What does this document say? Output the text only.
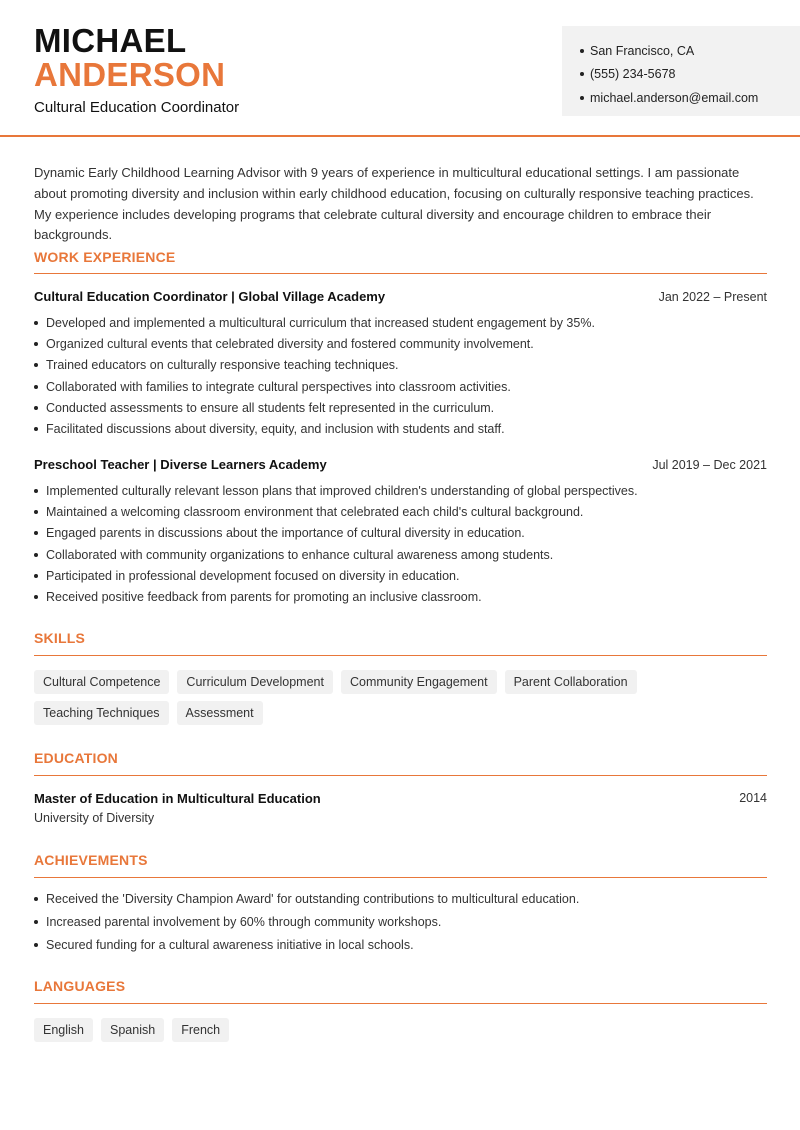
MICHAEL
ANDERSON
Cultural Education Coordinator
San Francisco, CA
(555) 234-5678
michael.anderson@email.com

Dynamic Early Childhood Learning Advisor with 9 years of experience in multicultural educational settings. I am passionate about promoting diversity and inclusion within early childhood education, focusing on culturally responsive teaching practices. My experience includes developing programs that celebrate cultural diversity and encourage children to embrace their backgrounds.

WORK EXPERIENCE
Cultural Education Coordinator | Global Village Academy	Jan 2022 – Present
Developed and implemented a multicultural curriculum that increased student engagement by 35%.
Organized cultural events that celebrated diversity and fostered community involvement.
Trained educators on culturally responsive teaching techniques.
Collaborated with families to integrate cultural perspectives into classroom activities.
Conducted assessments to ensure all students felt represented in the curriculum.
Facilitated discussions about diversity, equity, and inclusion with students and staff.
Preschool Teacher | Diverse Learners Academy	Jul 2019 – Dec 2021
Implemented culturally relevant lesson plans that improved children's understanding of global perspectives.
Maintained a welcoming classroom environment that celebrated each child's cultural background.
Engaged parents in discussions about the importance of cultural diversity in education.
Collaborated with community organizations to enhance cultural awareness among students.
Participated in professional development focused on diversity in education.
Received positive feedback from parents for promoting an inclusive classroom.
SKILLS
Cultural Competence	Curriculum Development	Community Engagement	Parent Collaboration
Teaching Techniques	Assessment
EDUCATION
Master of Education in Multicultural Education	2014
University of Diversity
ACHIEVEMENTS
Received the 'Diversity Champion Award' for outstanding contributions to multicultural education.
Increased parental involvement by 60% through community workshops.
Secured funding for a cultural awareness initiative in local schools.
LANGUAGES
English	Spanish	French
